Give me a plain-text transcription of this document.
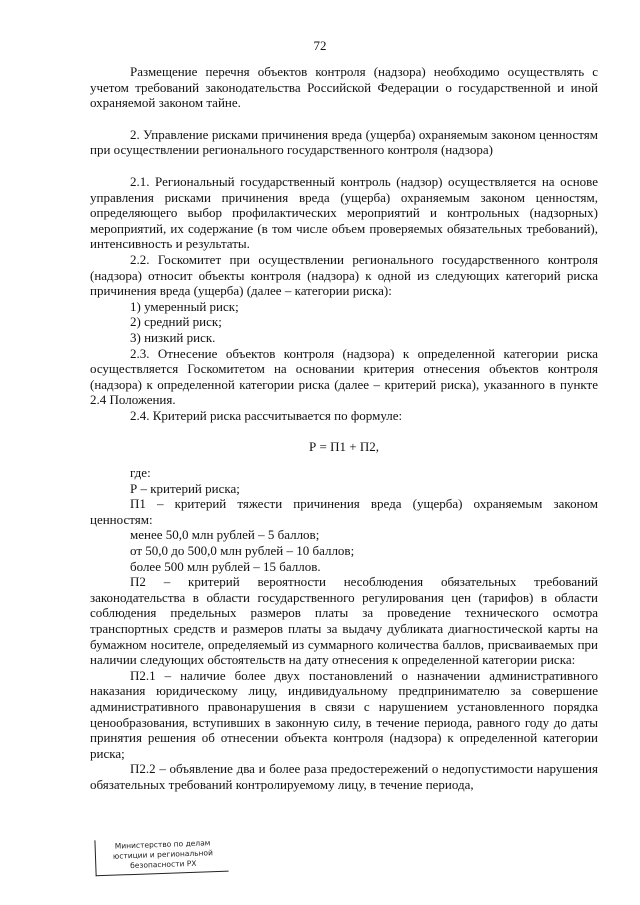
72

Размещение перечня объектов контроля (надзора) необходимо осуществлять с учетом требований законодательства Российской Федерации о государственной и иной охраняемой законом тайне.

2. Управление рисками причинения вреда (ущерба) охраняемым законом ценностям при осуществлении регионального государственного контроля (надзора)

2.1. Региональный государственный контроль (надзор) осуществляется на основе управления рисками причинения вреда (ущерба) охраняемым законом ценностям, определяющего выбор профилактических мероприятий и контрольных (надзорных) мероприятий, их содержание (в том числе объем проверяемых обязательных требований), интенсивность и результаты.

2.2. Госкомитет при осуществлении регионального государственного контроля (надзора) относит объекты контроля (надзора) к одной из следующих категорий риска причинения вреда (ущерба) (далее – категории риска):

1) умеренный риск;

2) средний риск;

3) низкий риск.

2.3. Отнесение объектов контроля (надзора) к определенной категории риска осуществляется Госкомитетом на основании критерия отнесения объектов контроля (надзора) к определенной категории риска (далее – критерий риска), указанного в пункте 2.4 Положения.

2.4. Критерий риска рассчитывается по формуле:

Р = П1 + П2,

где:

Р – критерий риска;

П1 – критерий тяжести причинения вреда (ущерба) охраняемым законом ценностям:

менее 50,0 млн рублей – 5 баллов;

от 50,0 до 500,0 млн рублей – 10 баллов;

более 500 млн рублей – 15 баллов.

П2 – критерий вероятности несоблюдения обязательных требований законодательства в области государственного регулирования цен (тарифов) в области соблюдения предельных размеров платы за проведение технического осмотра транспортных средств и размеров платы за выдачу дубликата диагностической карты на бумажном носителе, определяемый из суммарного количества баллов, присваиваемых при наличии следующих обстоятельств на дату отнесения к определенной категории риска:

П2.1 – наличие более двух постановлений о назначении административного наказания юридическому лицу, индивидуальному предпринимателю за совершение административного правонарушения в связи с нарушением установленного порядка ценообразования, вступивших в законную силу, в течение периода, равного году до даты принятия решения об отнесении объекта контроля (надзора) к определенной категории риска;

П2.2 – объявление два и более раза предостережений о недопустимости нарушения обязательных требований контролируемому лицу, в течение периода,

Министерство по делам
юстиции и региональной
безопасности РХ
